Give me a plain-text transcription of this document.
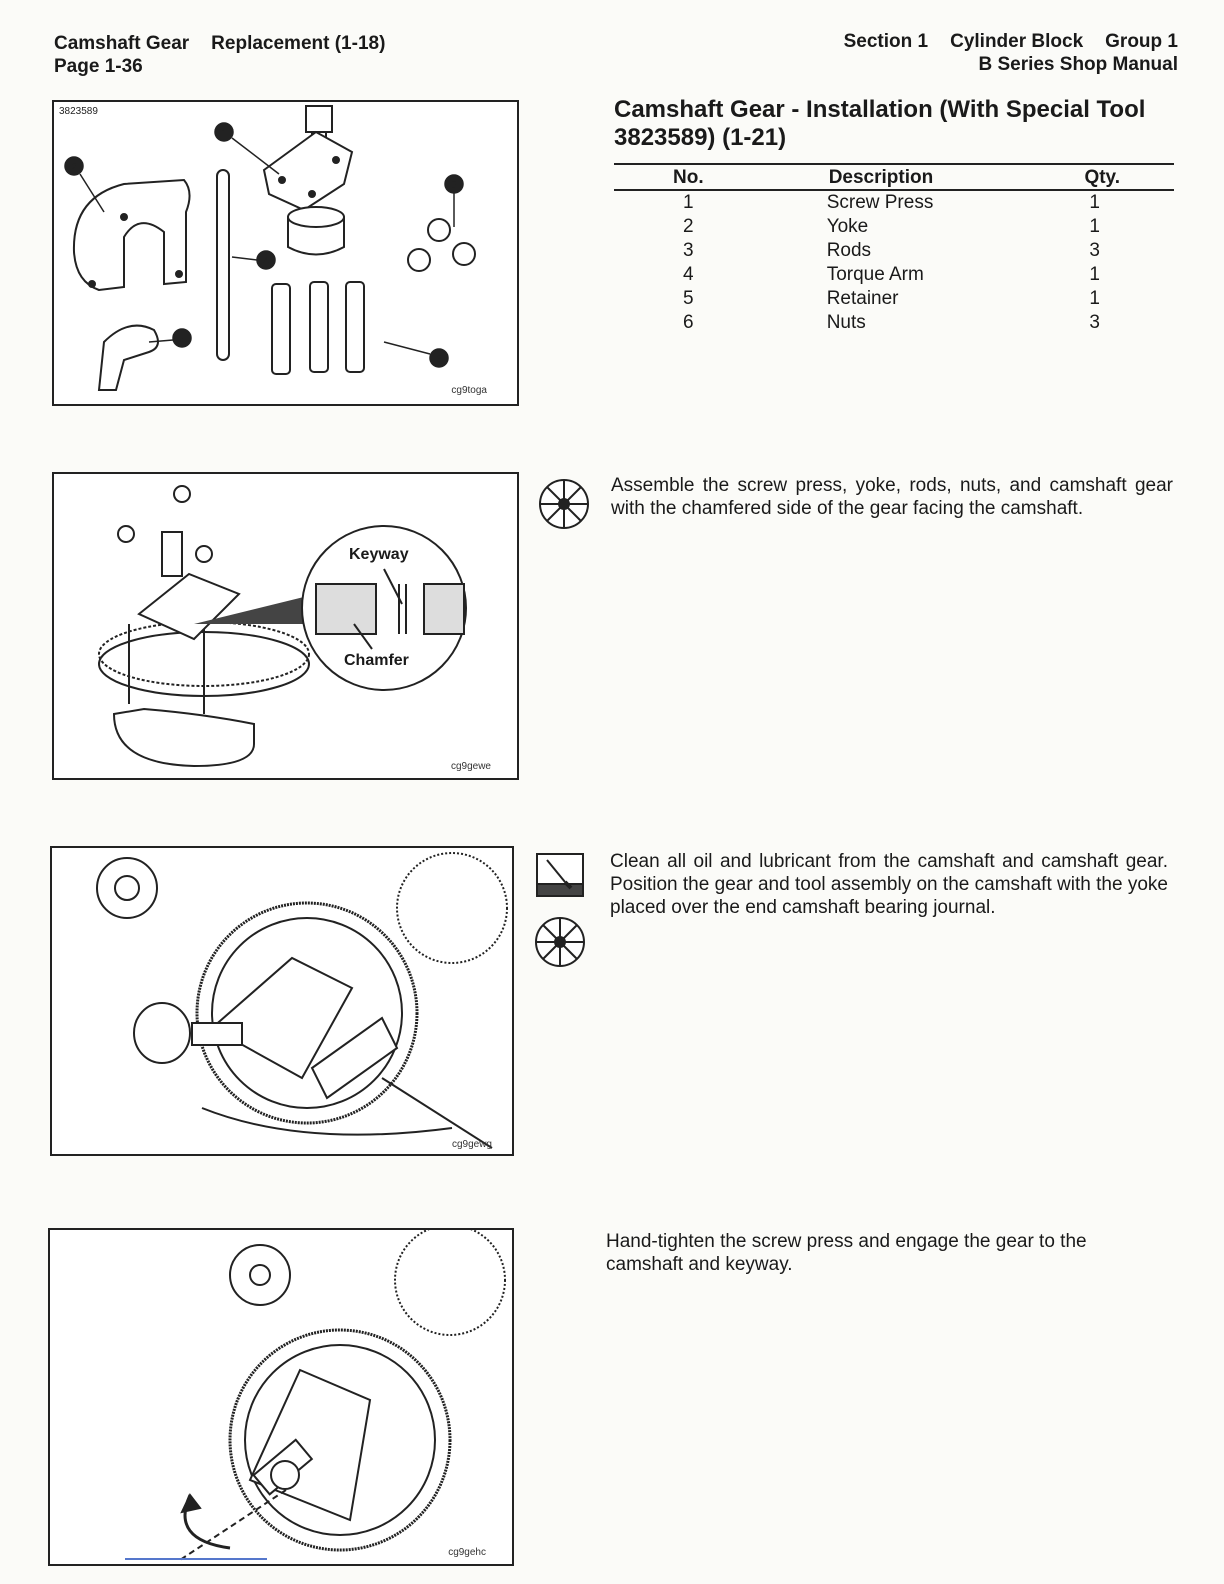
Camshaft Gear Replacement (1-18)
Page 1-36
Section 1 Cylinder Block Group 1
B Series Shop Manual
3823589
1
2
3
4
5
6
cg9toga
Camshaft Gear - Installation (With Special Tool 3823589) (1-21)
No.	Description	Qty.
1	Screw Press	1
2	Yoke	1
3	Rods	3
4	Torque Arm	1
5	Retainer	1
6	Nuts	3
Keyway
Chamfer
cg9gewe
Assemble the screw press, yoke, rods, nuts, and camshaft gear with the chamfered side of the gear facing the camshaft.
cg9gewg
Clean all oil and lubricant from the camshaft and camshaft gear. Position the gear and tool assembly on the camshaft with the yoke placed over the end camshaft bearing journal.
cg9gehc
Hand-tighten the screw press and engage the gear to the camshaft and keyway.
